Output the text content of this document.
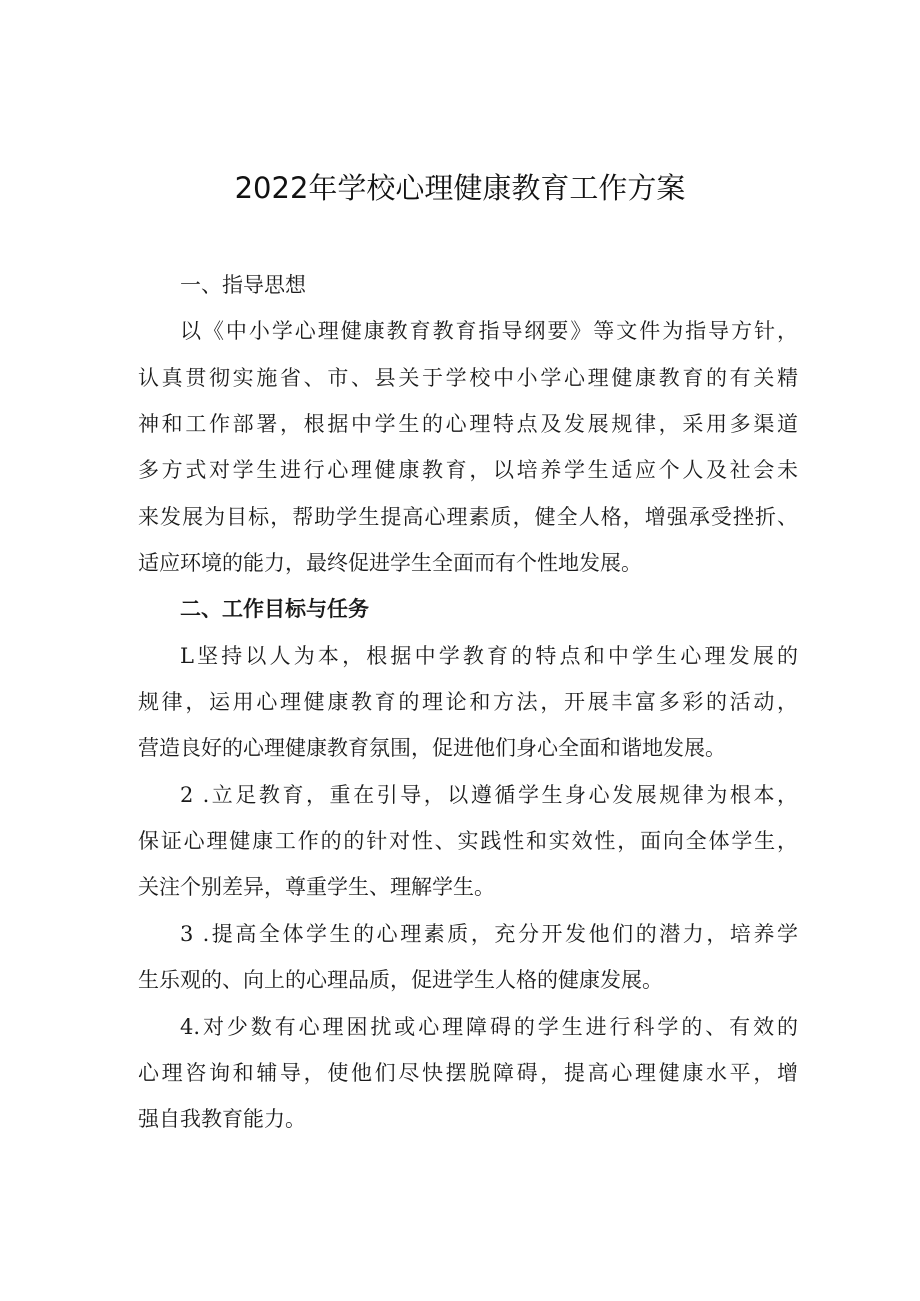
2022年学校心理健康教育工作方案
一、指导思想
以《中小学心理健康教育教育指导纲要》等文件为指导方针，
认真贯彻实施省、市、县关于学校中小学心理健康教育的有关精
神和工作部署，根据中学生的心理特点及发展规律，采用多渠道
多方式对学生进行心理健康教育，以培养学生适应个人及社会未
来发展为目标，帮助学生提高心理素质，健全人格，增强承受挫折、
适应环境的能力，最终促进学生全面而有个性地发展。
二、工作目标与任务
L坚持以人为本，根据中学教育的特点和中学生心理发展的
规律，运用心理健康教育的理论和方法，开展丰富多彩的活动，
营造良好的心理健康教育氛围，促进他们身心全面和谐地发展。
2 .立足教育，重在引导，以遵循学生身心发展规律为根本，
保证心理健康工作的的针对性、实践性和实效性，面向全体学生，
关注个别差异，尊重学生、理解学生。
3 .提高全体学生的心理素质，充分开发他们的潜力，培养学
生乐观的、向上的心理品质，促进学生人格的健康发展。
4.对少数有心理困扰或心理障碍的学生进行科学的、有效的
心理咨询和辅导，使他们尽快摆脱障碍，提高心理健康水平，增
强自我教育能力。
